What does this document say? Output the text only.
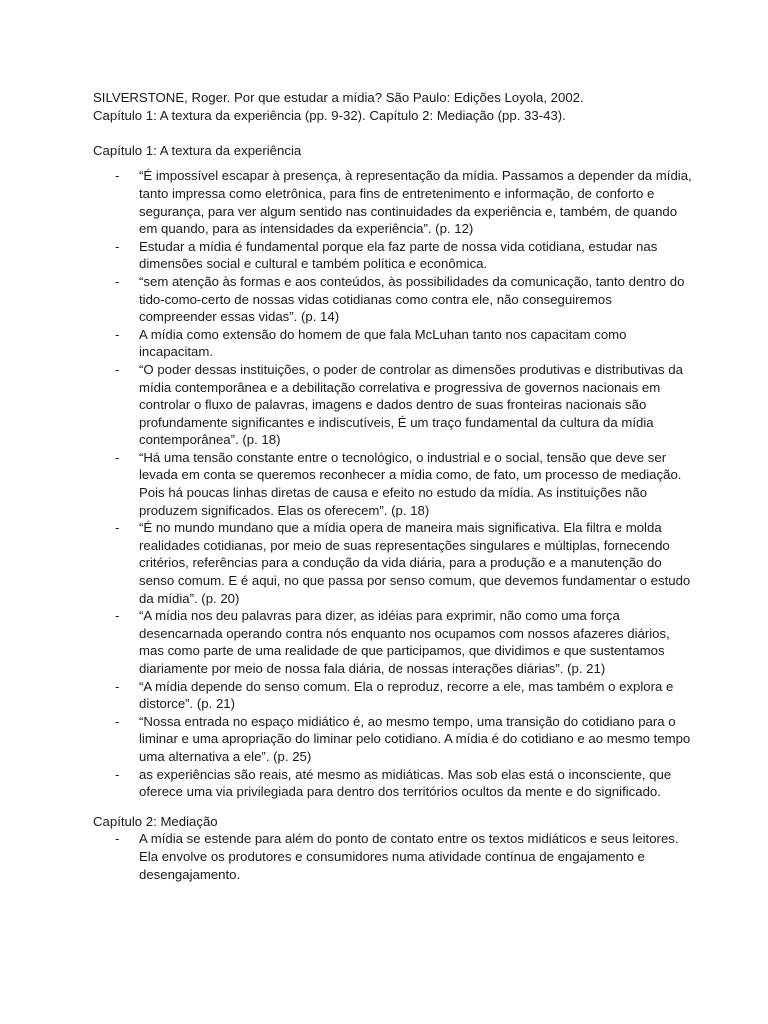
SILVERSTONE, Roger. Por que estudar a mídia? São Paulo: Edições Loyola, 2002.

Capítulo 1: A textura da experiência (pp. 9-32). Capítulo 2: Mediação (pp. 33-43).

Capítulo 1: A textura da experiência

-	“É impossível escapar à presença, à representação da mídia. Passamos a depender da mídia, tanto impressa como eletrônica, para fins de entretenimento e informação, de conforto e segurança, para ver algum sentido nas continuidades da experiência e, também, de quando em quando, para as intensidades da experiência”. (p. 12)
-	Estudar a mídia é fundamental porque ela faz parte de nossa vida cotidiana, estudar nas dimensões social e cultural e também política e econômica.
-	“sem atenção às formas e aos conteúdos, às possibilidades da comunicação, tanto dentro do tido-como-certo de nossas vidas cotidianas como contra ele, não conseguiremos compreender essas vidas”. (p. 14)
-	A mídia como extensão do homem de que fala McLuhan tanto nos capacitam como incapacitam.
-	“O poder dessas instituições, o poder de controlar as dimensões produtivas e distributivas da mídia contemporânea e a debilitação correlativa e progressiva de governos nacionais em controlar o fluxo de palavras, imagens e dados dentro de suas fronteiras nacionais são profundamente significantes e indiscutíveis, É um traço fundamental da cultura da mídia contemporânea”. (p. 18)
-	“Há uma tensão constante entre o tecnológico, o industrial e o social, tensão que deve ser levada em conta se queremos reconhecer a mídia como, de fato, um processo de mediação. Pois há poucas linhas diretas de causa e efeito no estudo da mídia. As instituições não produzem significados. Elas os oferecem”. (p. 18)
-	“É no mundo mundano que a mídia opera de maneira mais significativa. Ela filtra e molda realidades cotidianas, por meio de suas representações singulares e múltiplas, fornecendo critérios, referências para a condução da vida diária, para a produção e a manutenção do senso comum. E é aqui, no que passa por senso comum, que devemos fundamentar o estudo da mídia”. (p. 20)
-	“A mídia nos deu palavras para dizer, as idéias para exprimir, não como uma força desencarnada operando contra nós enquanto nos ocupamos com nossos afazeres diários, mas como parte de uma realidade de que participamos, que dividimos e que sustentamos diariamente por meio de nossa fala diária, de nossas interações diárias”. (p. 21)
-	“A mídia depende do senso comum. Ela o reproduz, recorre a ele, mas também o explora e distorce”. (p. 21)
-	“Nossa entrada no espaço midiático é, ao mesmo tempo, uma transição do cotidiano para o liminar e uma apropriação do liminar pelo cotidiano. A mídia é do cotidiano e ao mesmo tempo uma alternativa a ele”. (p. 25)
-	as experiências são reais, até mesmo as midiáticas. Mas sob elas está o inconsciente, que oferece uma via privilegiada para dentro dos territórios ocultos da mente e do significado.

Capítulo 2: Mediação

-	A mídia se estende para além do ponto de contato entre os textos midiáticos e seus leitores. Ela envolve os produtores e consumidores numa atividade contínua de engajamento e desengajamento.
